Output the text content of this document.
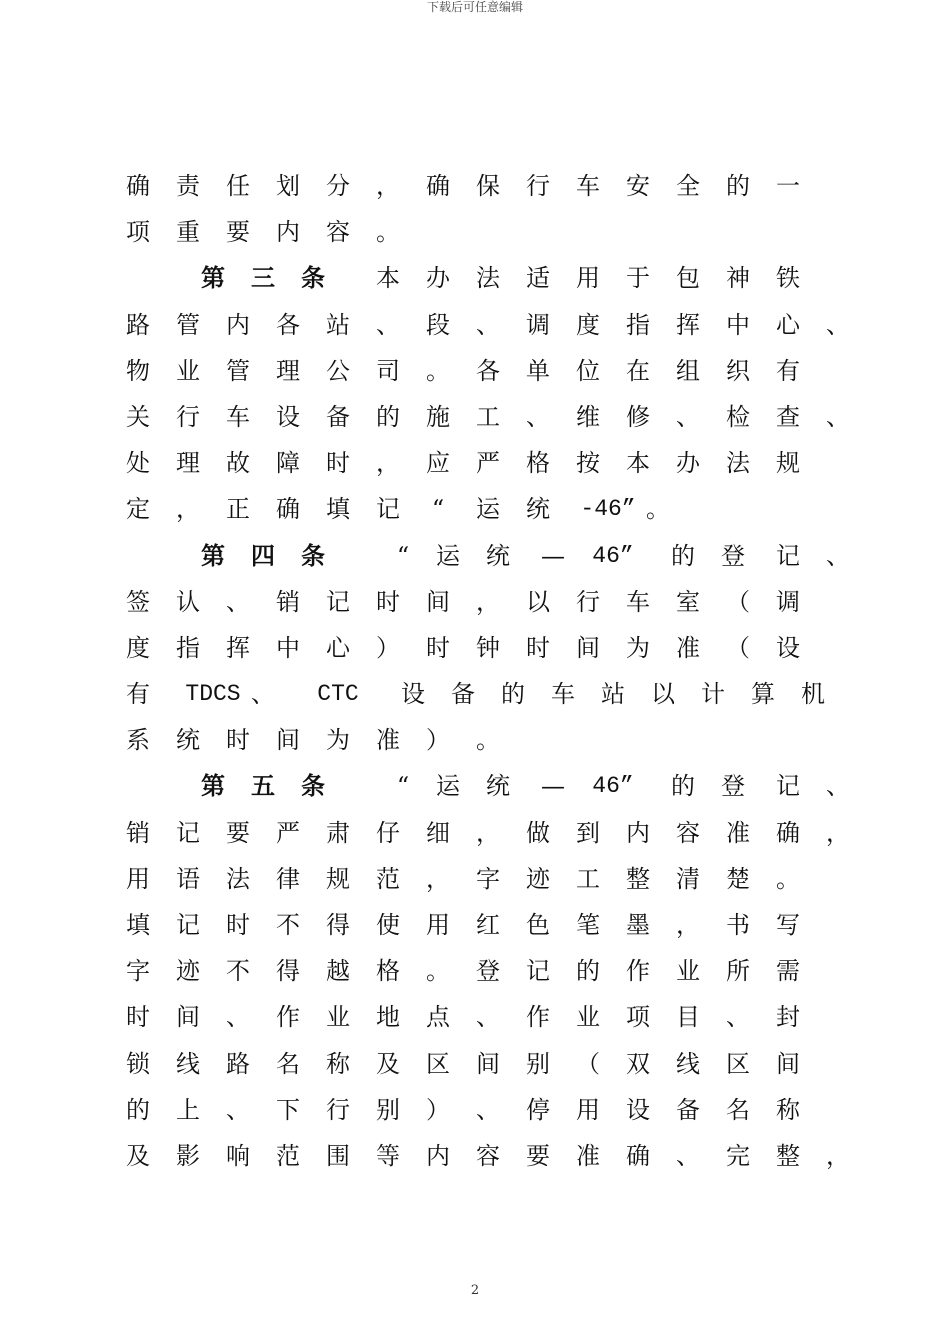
下载后可任意编辑
确 责 任 划 分 ， 确 保 行 车 安 全 的 一
项 重 要 内 容 。
第 三 条 本 办 法 适 用 于 包 神 铁
路 管 内 各 站 、 段 、 调 度 指 挥 中 心 、
物 业 管 理 公 司 。 各 单 位 在 组 织 有
关 行 车 设 备 的 施 工 、 维 修 、 检 查 、
处 理 故 障 时 ， 应 严 格 按 本 办 法 规
定 ， 正 确 填 记	“	运 统	-46” 。
第 四 条	“	运 统 —	46”	的 登 记 、
签 认 、 销 记 时 间 ， 以 行 车 室 （ 调
度 指 挥 中 心 ） 时 钟 时 间 为 准 （ 设
有	TDCS 、	CTC	设 备 的 车 站 以 计 算 机
系 统 时 间 为 准 ） 。
第 五 条	“	运 统 —	46”	的 登 记 、
销 记 要 严 肃 仔 细 ， 做 到 内 容 准 确 ，
用 语 法 律 规 范 ， 字 迹 工 整 清 楚 。
填 记 时 不 得 使 用 红 色 笔 墨 ， 书 写
字 迹 不 得 越 格 。 登 记 的 作 业 所 需
时 间 、 作 业 地 点 、 作 业 项 目 、 封
锁 线 路 名 称 及 区 间 别 （ 双 线 区 间
的 上 、 下 行 别 ） 、 停 用 设 备 名 称
及 影 响 范 围 等 内 容 要 准 确 、 完 整 ，
2
